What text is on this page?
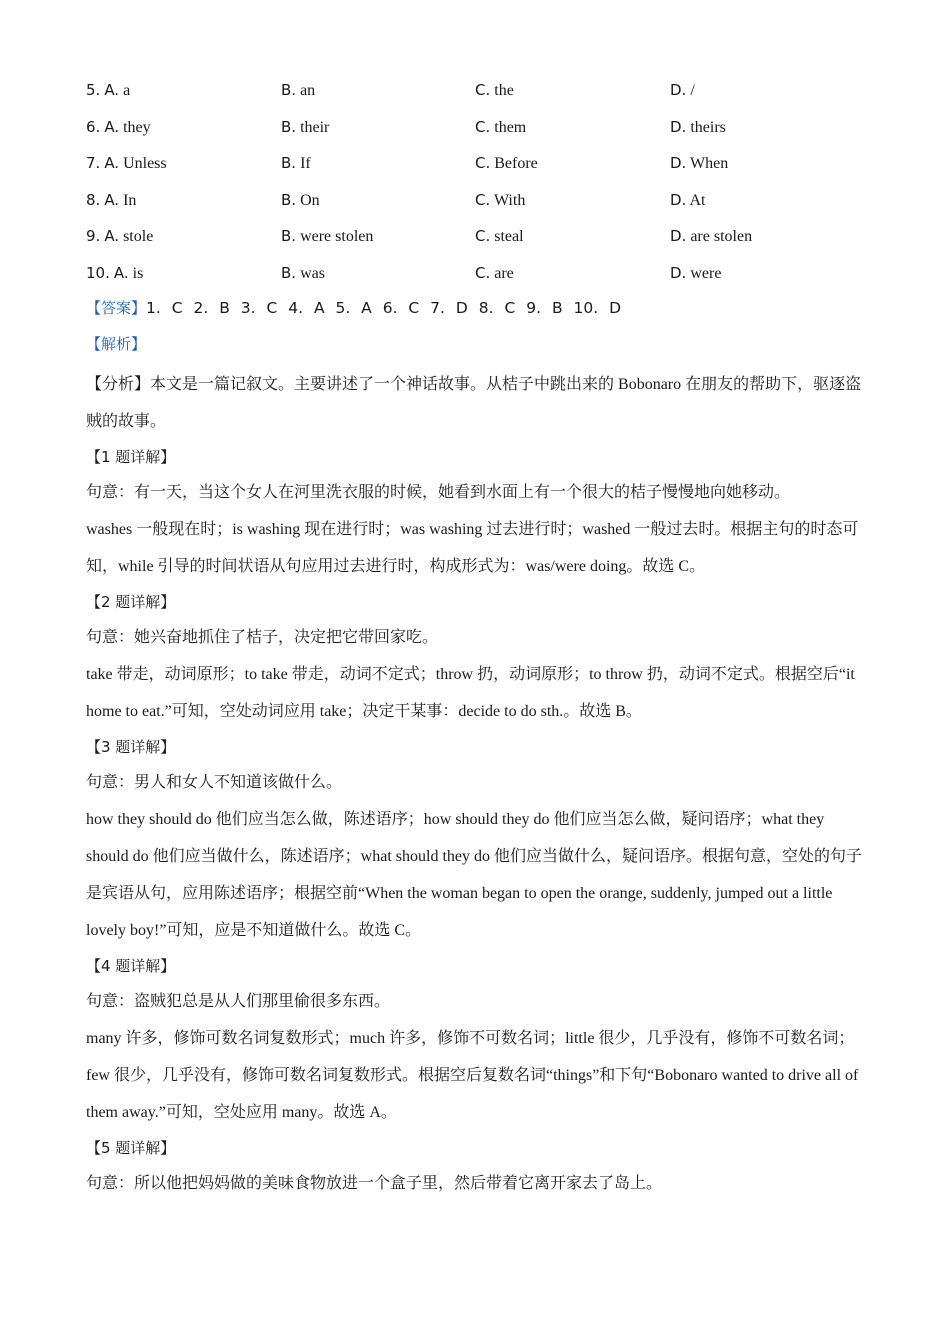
5. A. a	B. an	C. the	D. /
6. A. they	B. their	C. them	D. theirs
7. A. Unless	B. If	C. Before	D. When
8. A. In	B. On	C. With	D. At
9. A. stole	B. were stolen	C. steal	D. are stolen
10. A. is	B. was	C. are	D. were
【答案】1. C 2. B 3. C 4. A 5. A 6. C 7. D 8. C 9. B 10. D
【解析】

【分析】本文是一篇记叙文。主要讲述了一个神话故事。从桔子中跳出来的 Bobonaro 在朋友的帮助下，驱逐盗贼的故事。

【1 题详解】

句意：有一天，当这个女人在河里洗衣服的时候，她看到水面上有一个很大的桔子慢慢地向她移动。

washes 一般现在时；is washing 现在进行时；was washing 过去进行时；washed 一般过去时。根据主句的时态可知，while 引导的时间状语从句应用过去进行时，构成形式为：was/were doing。故选 C。

【2 题详解】

句意：她兴奋地抓住了桔子，决定把它带回家吃。

take 带走，动词原形；to take 带走，动词不定式；throw 扔，动词原形；to throw 扔，动词不定式。根据空后“it home to eat.”可知，空处动词应用 take；决定干某事：decide to do sth.。故选 B。

【3 题详解】

句意：男人和女人不知道该做什么。

how they should do 他们应当怎么做，陈述语序；how should they do 他们应当怎么做，疑问语序；what they should do 他们应当做什么，陈述语序；what should they do 他们应当做什么，疑问语序。根据句意，空处的句子是宾语从句，应用陈述语序；根据空前“When the woman began to open the orange, suddenly, jumped out a little lovely boy!”可知，应是不知道做什么。故选 C。

【4 题详解】

句意：盗贼犯总是从人们那里偷很多东西。

many 许多，修饰可数名词复数形式；much 许多，修饰不可数名词；little 很少，几乎没有，修饰不可数名词；few 很少，几乎没有，修饰可数名词复数形式。根据空后复数名词“things”和下句“Bobonaro wanted to drive all of them away.”可知，空处应用 many。故选 A。

【5 题详解】

句意：所以他把妈妈做的美味食物放进一个盒子里，然后带着它离开家去了岛上。
